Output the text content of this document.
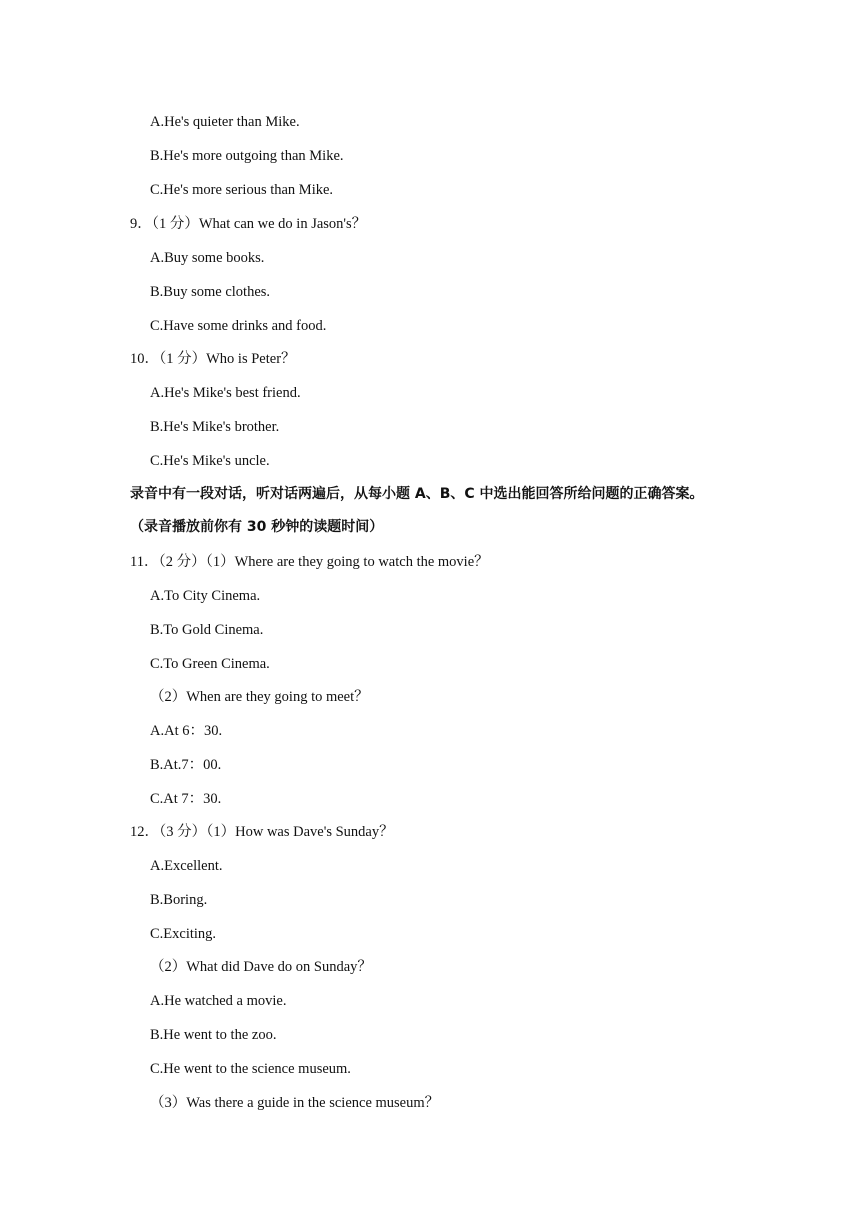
A.He's quieter than Mike.
B.He's more outgoing than Mike.
C.He's more serious than Mike.
9．（1 分）What can we do in Jason's？
A.Buy some books.
B.Buy some clothes.
C.Have some drinks and food.
10．（1 分）Who is Peter？
A.He's Mike's best friend.
B.He's Mike's brother.
C.He's Mike's uncle.
录音中有一段对话，听对话两遍后，从每小题 A、B、C 中选出能回答所给问题的正确答案。
（录音播放前你有 30 秒钟的读题时间）
11．（2 分）（1）Where are they going to watch the movie？
A.To City Cinema.
B.To Gold Cinema.
C.To Green Cinema.
（2）When are they going to meet？
A.At 6：30.
B.At.7：00.
C.At 7：30.
12．（3 分）（1）How was Dave's Sunday？
A.Excellent.
B.Boring.
C.Exciting.
（2）What did Dave do on Sunday？
A.He watched a movie.
B.He went to the zoo.
C.He went to the science museum.
（3）Was there a guide in the science museum？
